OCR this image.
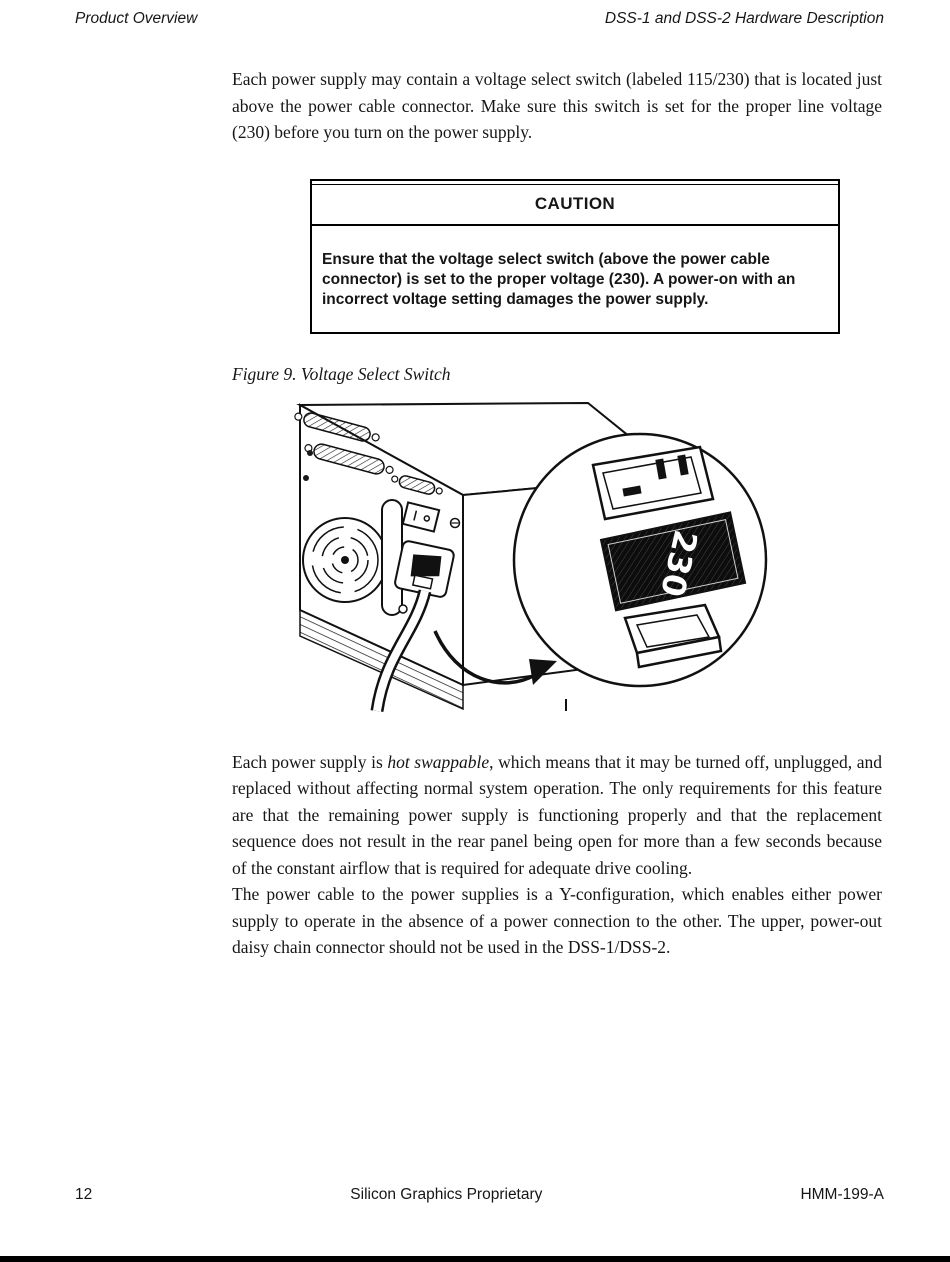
Product Overview	DSS-1 and DSS-2 Hardware Description

Each power supply may contain a voltage select switch (labeled 115/230) that is located just above the power cable connector. Make sure this switch is set for the proper line voltage (230) before you turn on the power supply.

CAUTION
Ensure that the voltage select switch (above the power cable connector) is set to the proper voltage (230). A power-on with an incorrect voltage setting damages the power supply.
Figure 9. Voltage Select Switch
230

Each power supply is hot swappable, which means that it may be turned off, unplugged, and replaced without affecting normal system operation. The only requirements for this feature are that the remaining power supply is functioning properly and that the replacement sequence does not result in the rear panel being open for more than a few seconds because of the constant airflow that is required for adequate drive cooling.

The power cable to the power supplies is a Y-configuration, which enables either power supply to operate in the absence of a power connection to the other. The upper, power-out daisy chain connector should not be used in the DSS-1/DSS-2.

12	Silicon Graphics Proprietary	HMM-199-A
